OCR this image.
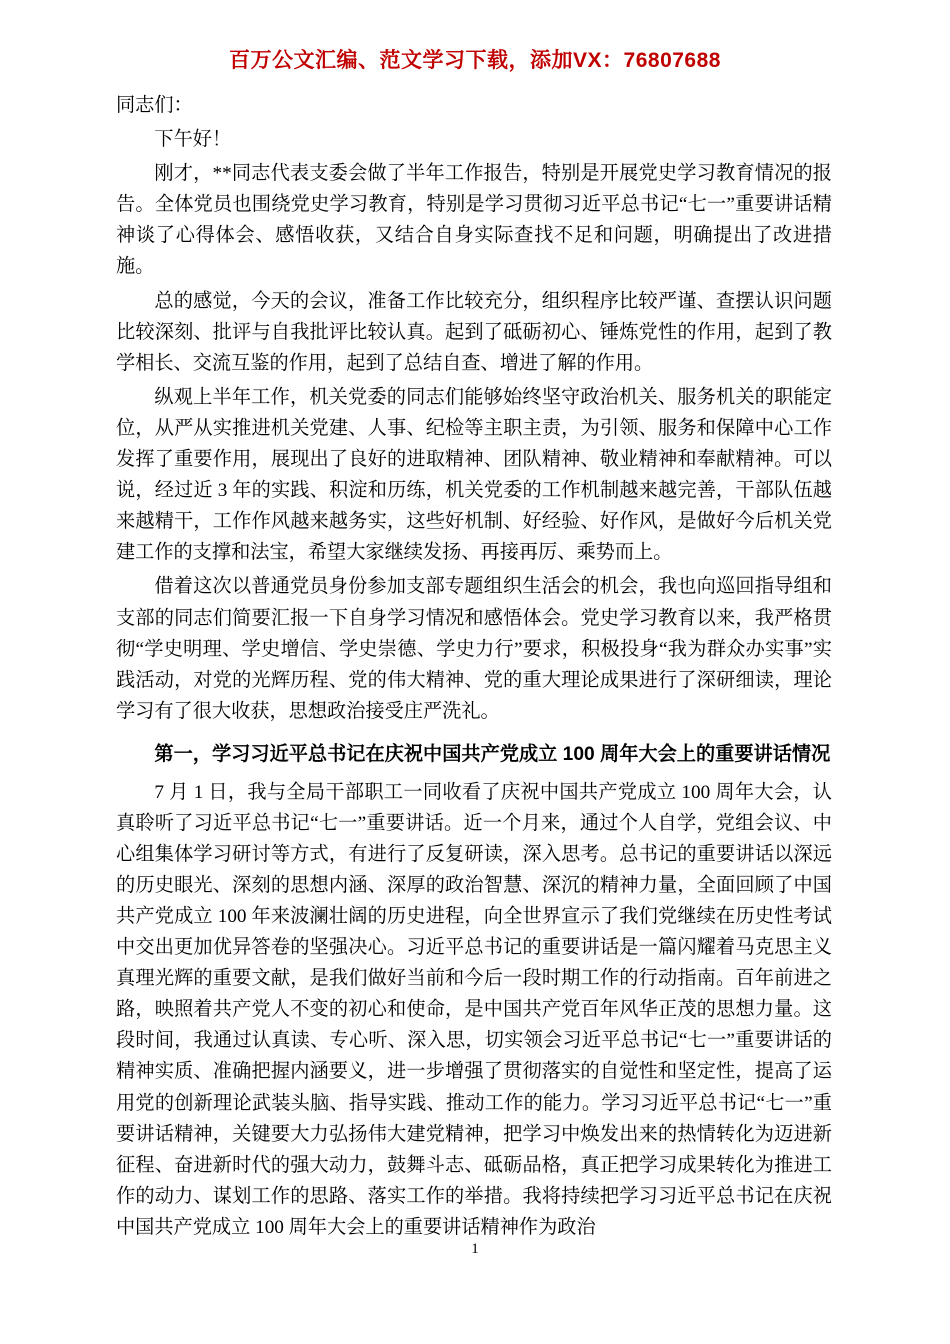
百万公文汇编、范文学习下载，添加VX：76807688

同志们：

下午好！

刚才，**同志代表支委会做了半年工作报告，特别是开展党史学习教育情况的报告。全体党员也围绕党史学习教育，特别是学习贯彻习近平总书记“七一”重要讲话精神谈了心得体会、感悟收获，又结合自身实际查找不足和问题，明确提出了改进措施。

总的感觉，今天的会议，准备工作比较充分，组织程序比较严谨、查摆认识问题比较深刻、批评与自我批评比较认真。起到了砥砺初心、锤炼党性的作用，起到了教学相长、交流互鉴的作用，起到了总结自查、增进了解的作用。

纵观上半年工作，机关党委的同志们能够始终坚守政治机关、服务机关的职能定位，从严从实推进机关党建、人事、纪检等主职主责，为引领、服务和保障中心工作发挥了重要作用，展现出了良好的进取精神、团队精神、敬业精神和奉献精神。可以说，经过近 3 年的实践、积淀和历练，机关党委的工作机制越来越完善，干部队伍越来越精干，工作作风越来越务实，这些好机制、好经验、好作风，是做好今后机关党建工作的支撑和法宝，希望大家继续发扬、再接再厉、乘势而上。

借着这次以普通党员身份参加支部专题组织生活会的机会，我也向巡回指导组和支部的同志们简要汇报一下自身学习情况和感悟体会。党史学习教育以来，我严格贯彻“学史明理、学史增信、学史崇德、学史力行”要求，积极投身“我为群众办实事”实践活动，对党的光辉历程、党的伟大精神、党的重大理论成果进行了深研细读，理论学习有了很大收获，思想政治接受庄严洗礼。

第一，学习习近平总书记在庆祝中国共产党成立 100 周年大会上的重要讲话情况

7 月 1 日，我与全局干部职工一同收看了庆祝中国共产党成立 100 周年大会，认真聆听了习近平总书记“七一”重要讲话。近一个月来，通过个人自学，党组会议、中心组集体学习研讨等方式，有进行了反复研读，深入思考。总书记的重要讲话以深远的历史眼光、深刻的思想内涵、深厚的政治智慧、深沉的精神力量，全面回顾了中国共产党成立 100 年来波澜壮阔的历史进程，向全世界宣示了我们党继续在历史性考试中交出更加优异答卷的坚强决心。习近平总书记的重要讲话是一篇闪耀着马克思主义真理光辉的重要文献，是我们做好当前和今后一段时期工作的行动指南。百年前进之路，映照着共产党人不变的初心和使命，是中国共产党百年风华正茂的思想力量。这段时间，我通过认真读、专心听、深入思，切实领会习近平总书记“七一”重要讲话的精神实质、准确把握内涵要义，进一步增强了贯彻落实的自觉性和坚定性，提高了运用党的创新理论武装头脑、指导实践、推动工作的能力。学习习近平总书记“七一”重要讲话精神，关键要大力弘扬伟大建党精神，把学习中焕发出来的热情转化为迈进新征程、奋进新时代的强大动力，鼓舞斗志、砥砺品格，真正把学习成果转化为推进工作的动力、谋划工作的思路、落实工作的举措。我将持续把学习习近平总书记在庆祝中国共产党成立 100 周年大会上的重要讲话精神作为政治

1
